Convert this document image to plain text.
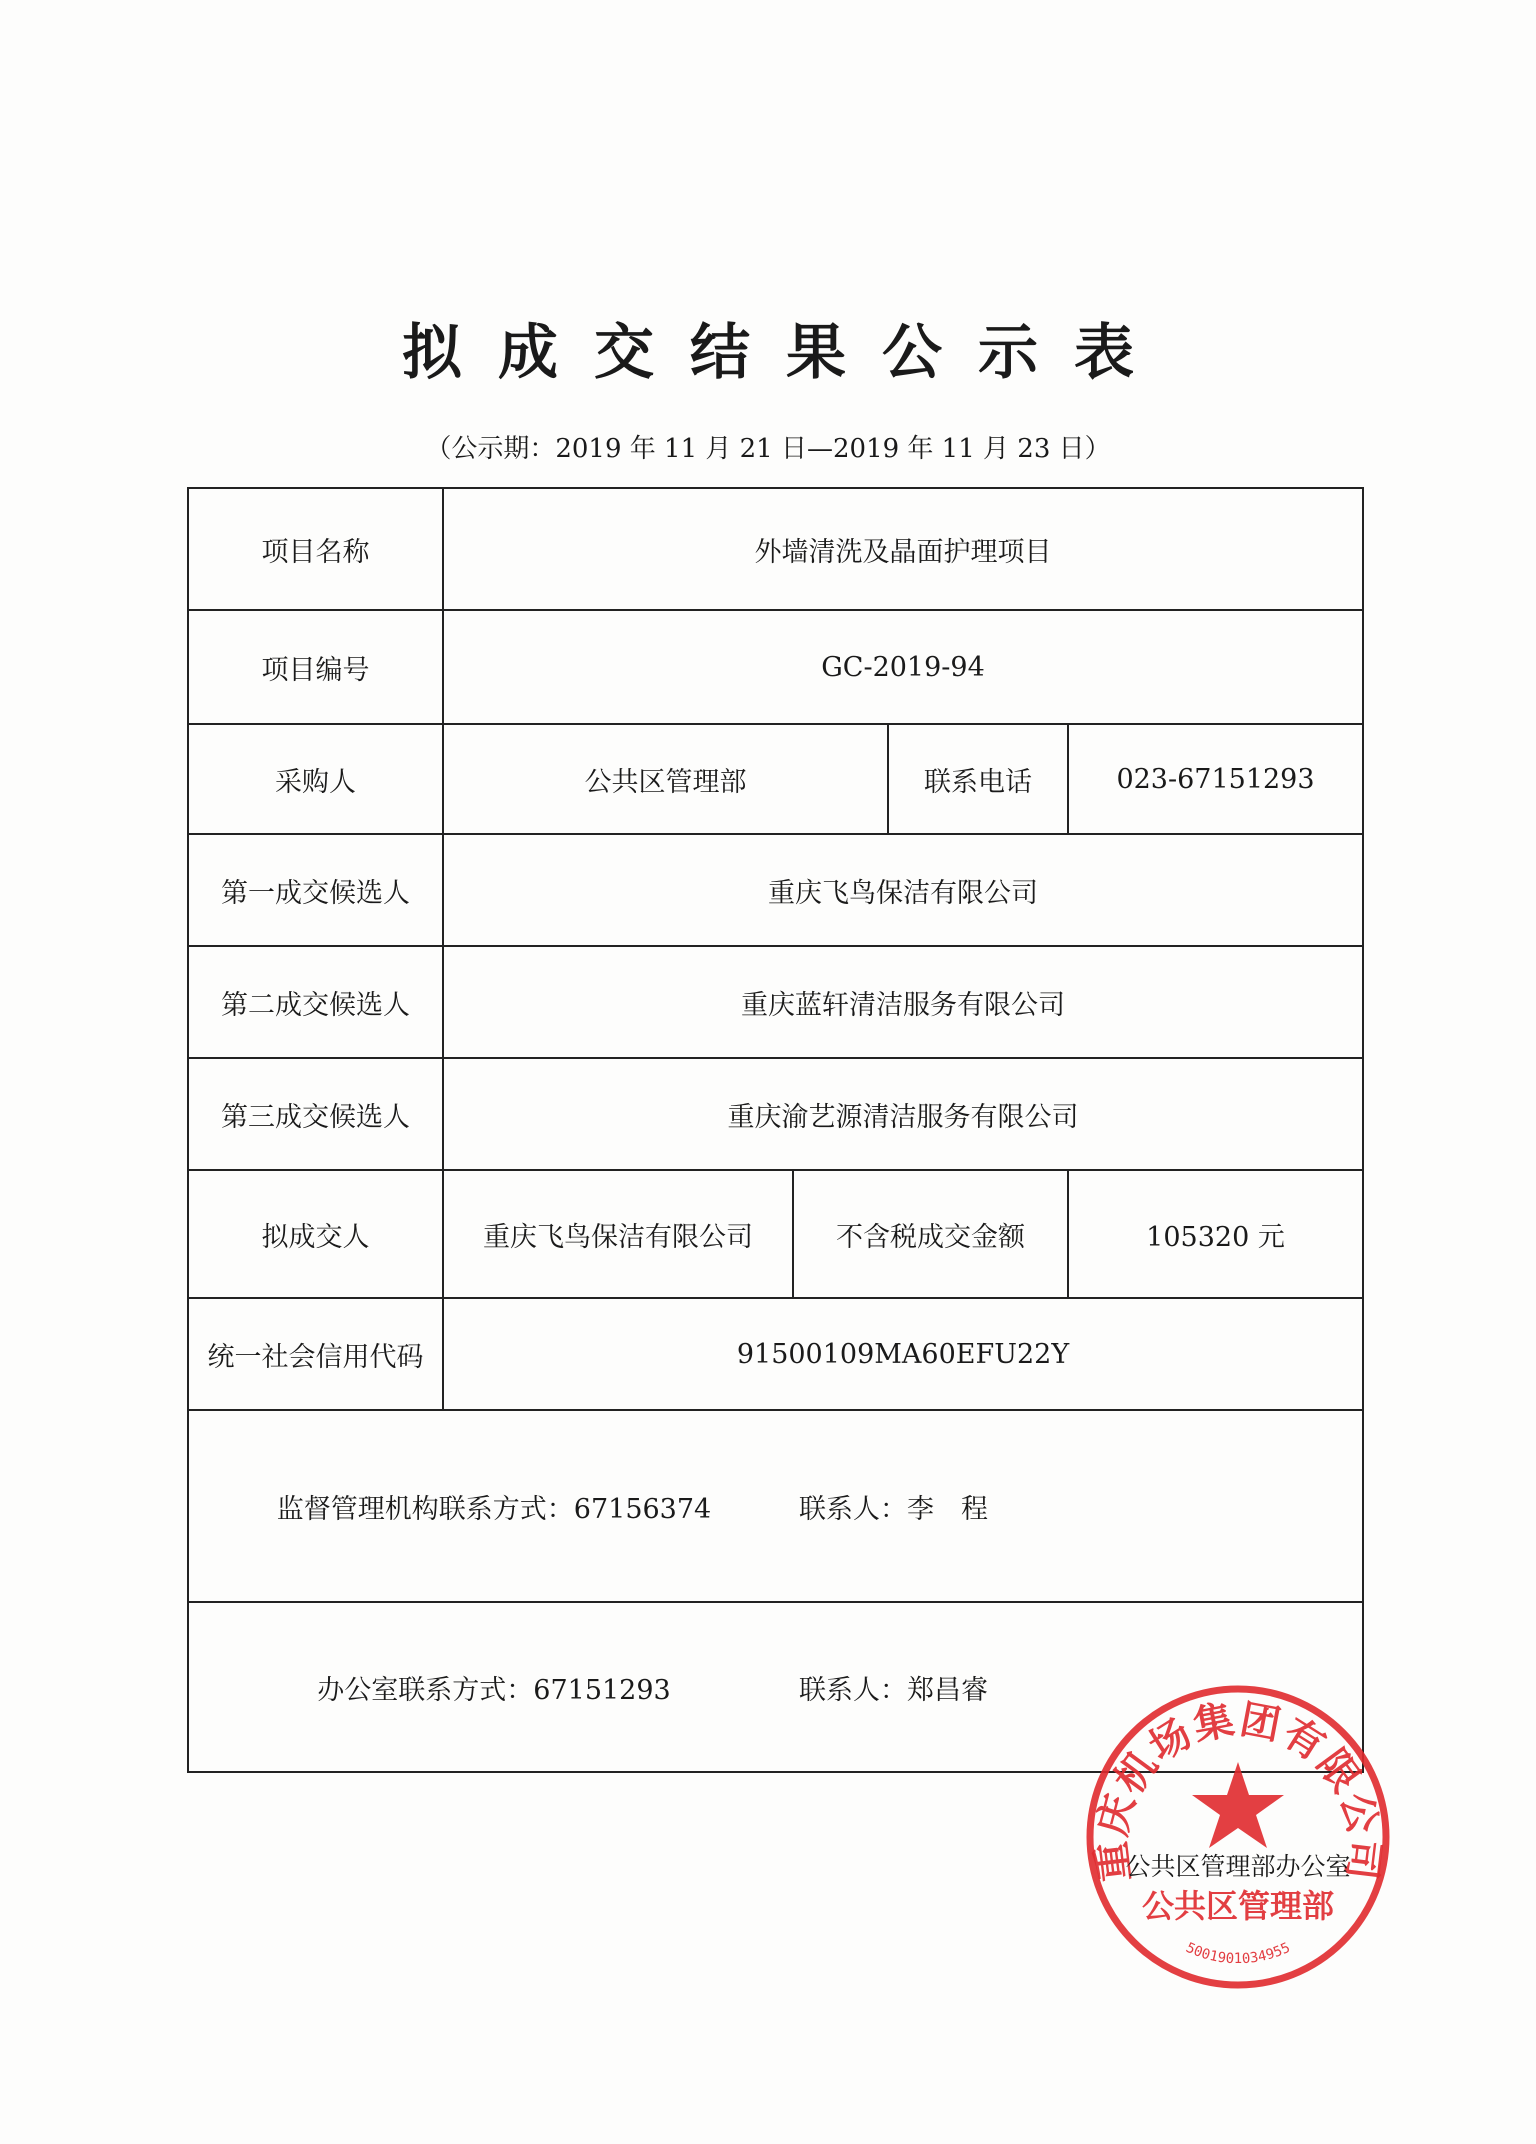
拟成交结果公示表
（公示期：2019 年 11 月 21 日—2019 年 11 月 23 日）
项目名称	外墙清洗及晶面护理项目			
项目编号	GC-2019-94			
采购人	公共区管理部		联系电话	023-67151293
第一成交候选人	重庆飞鸟保洁有限公司			
第二成交候选人	重庆蓝轩清洁服务有限公司			
第三成交候选人	重庆渝艺源清洁服务有限公司			
拟成交人	重庆飞鸟保洁有限公司	不含税成交金额		105320 元
统一社会信用代码	91500109MA60EFU22Y			

监督管理机构联系方式：67156374 联系人：李　程				

办公室联系方式：67151293 联系人：郑昌睿				
重庆机场集团有限公司
公共区管理部办公室
公共区管理部
5001901034955
